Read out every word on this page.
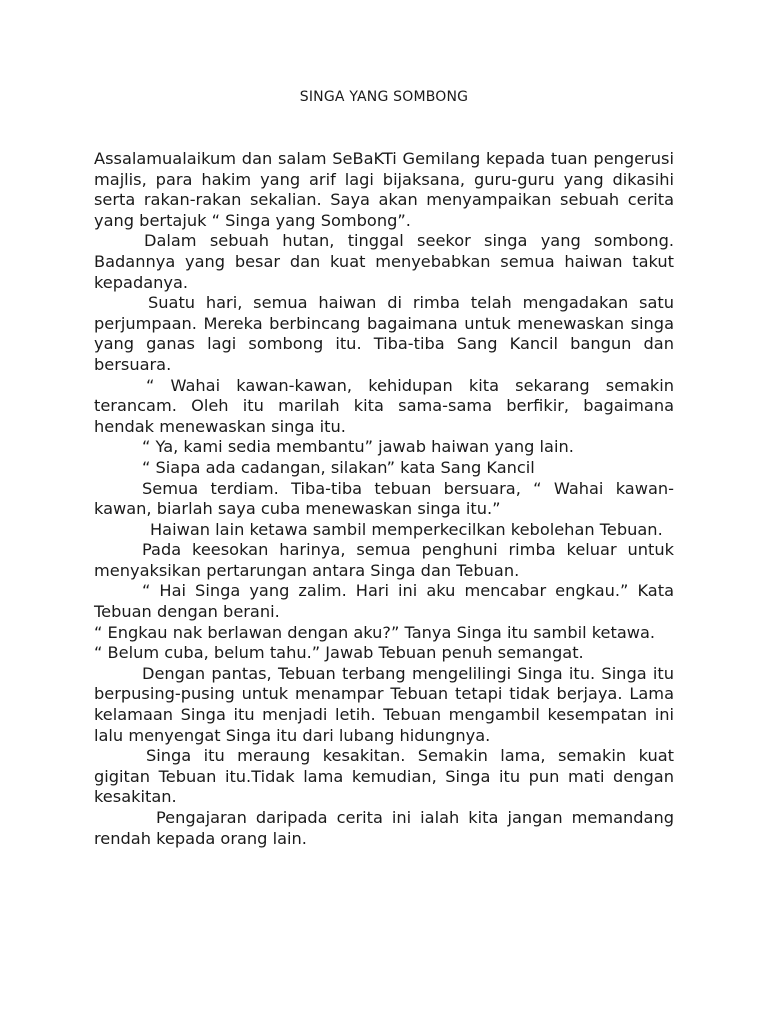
SINGA YANG SOMBONG

Assalamualaikum dan salam SeBaKTi Gemilang kepada tuan pengerusi majlis, para hakim yang arif lagi bijaksana, guru-guru yang dikasihi serta rakan-rakan sekalian. Saya akan menyampaikan sebuah cerita yang bertajuk “ Singa yang Sombong”.

Dalam sebuah hutan, tinggal seekor singa yang sombong. Badannya yang besar dan kuat menyebabkan semua haiwan takut kepadanya.

Suatu hari, semua haiwan di rimba telah mengadakan satu perjumpaan. Mereka berbincang bagaimana untuk menewaskan singa yang ganas lagi sombong itu. Tiba-tiba Sang Kancil bangun dan bersuara.

“ Wahai kawan-kawan, kehidupan kita sekarang semakin terancam. Oleh itu marilah kita sama-sama berfikir, bagaimana hendak menewaskan singa itu.

“ Ya, kami sedia membantu” jawab haiwan yang lain.

“ Siapa ada cadangan, silakan” kata Sang Kancil

Semua terdiam. Tiba-tiba tebuan bersuara, “ Wahai kawan-kawan, biarlah saya cuba menewaskan singa itu.”

Haiwan lain ketawa sambil memperkecilkan kebolehan Tebuan.

Pada keesokan harinya, semua penghuni rimba keluar untuk menyaksikan pertarungan antara Singa dan Tebuan.

“ Hai Singa yang zalim. Hari ini aku mencabar engkau.” Kata Tebuan dengan berani.

“ Engkau nak berlawan dengan aku?” Tanya Singa itu sambil ketawa.

“ Belum cuba, belum tahu.” Jawab Tebuan penuh semangat.

Dengan pantas, Tebuan terbang mengelilingi Singa itu. Singa itu berpusing-pusing untuk menampar Tebuan tetapi tidak berjaya. Lama kelamaan Singa itu menjadi letih. Tebuan mengambil kesempatan ini lalu menyengat Singa itu dari lubang hidungnya.

Singa itu meraung kesakitan. Semakin lama, semakin kuat gigitan Tebuan itu.Tidak lama kemudian, Singa itu pun mati dengan kesakitan.

Pengajaran daripada cerita ini ialah kita jangan memandang rendah kepada orang lain.
